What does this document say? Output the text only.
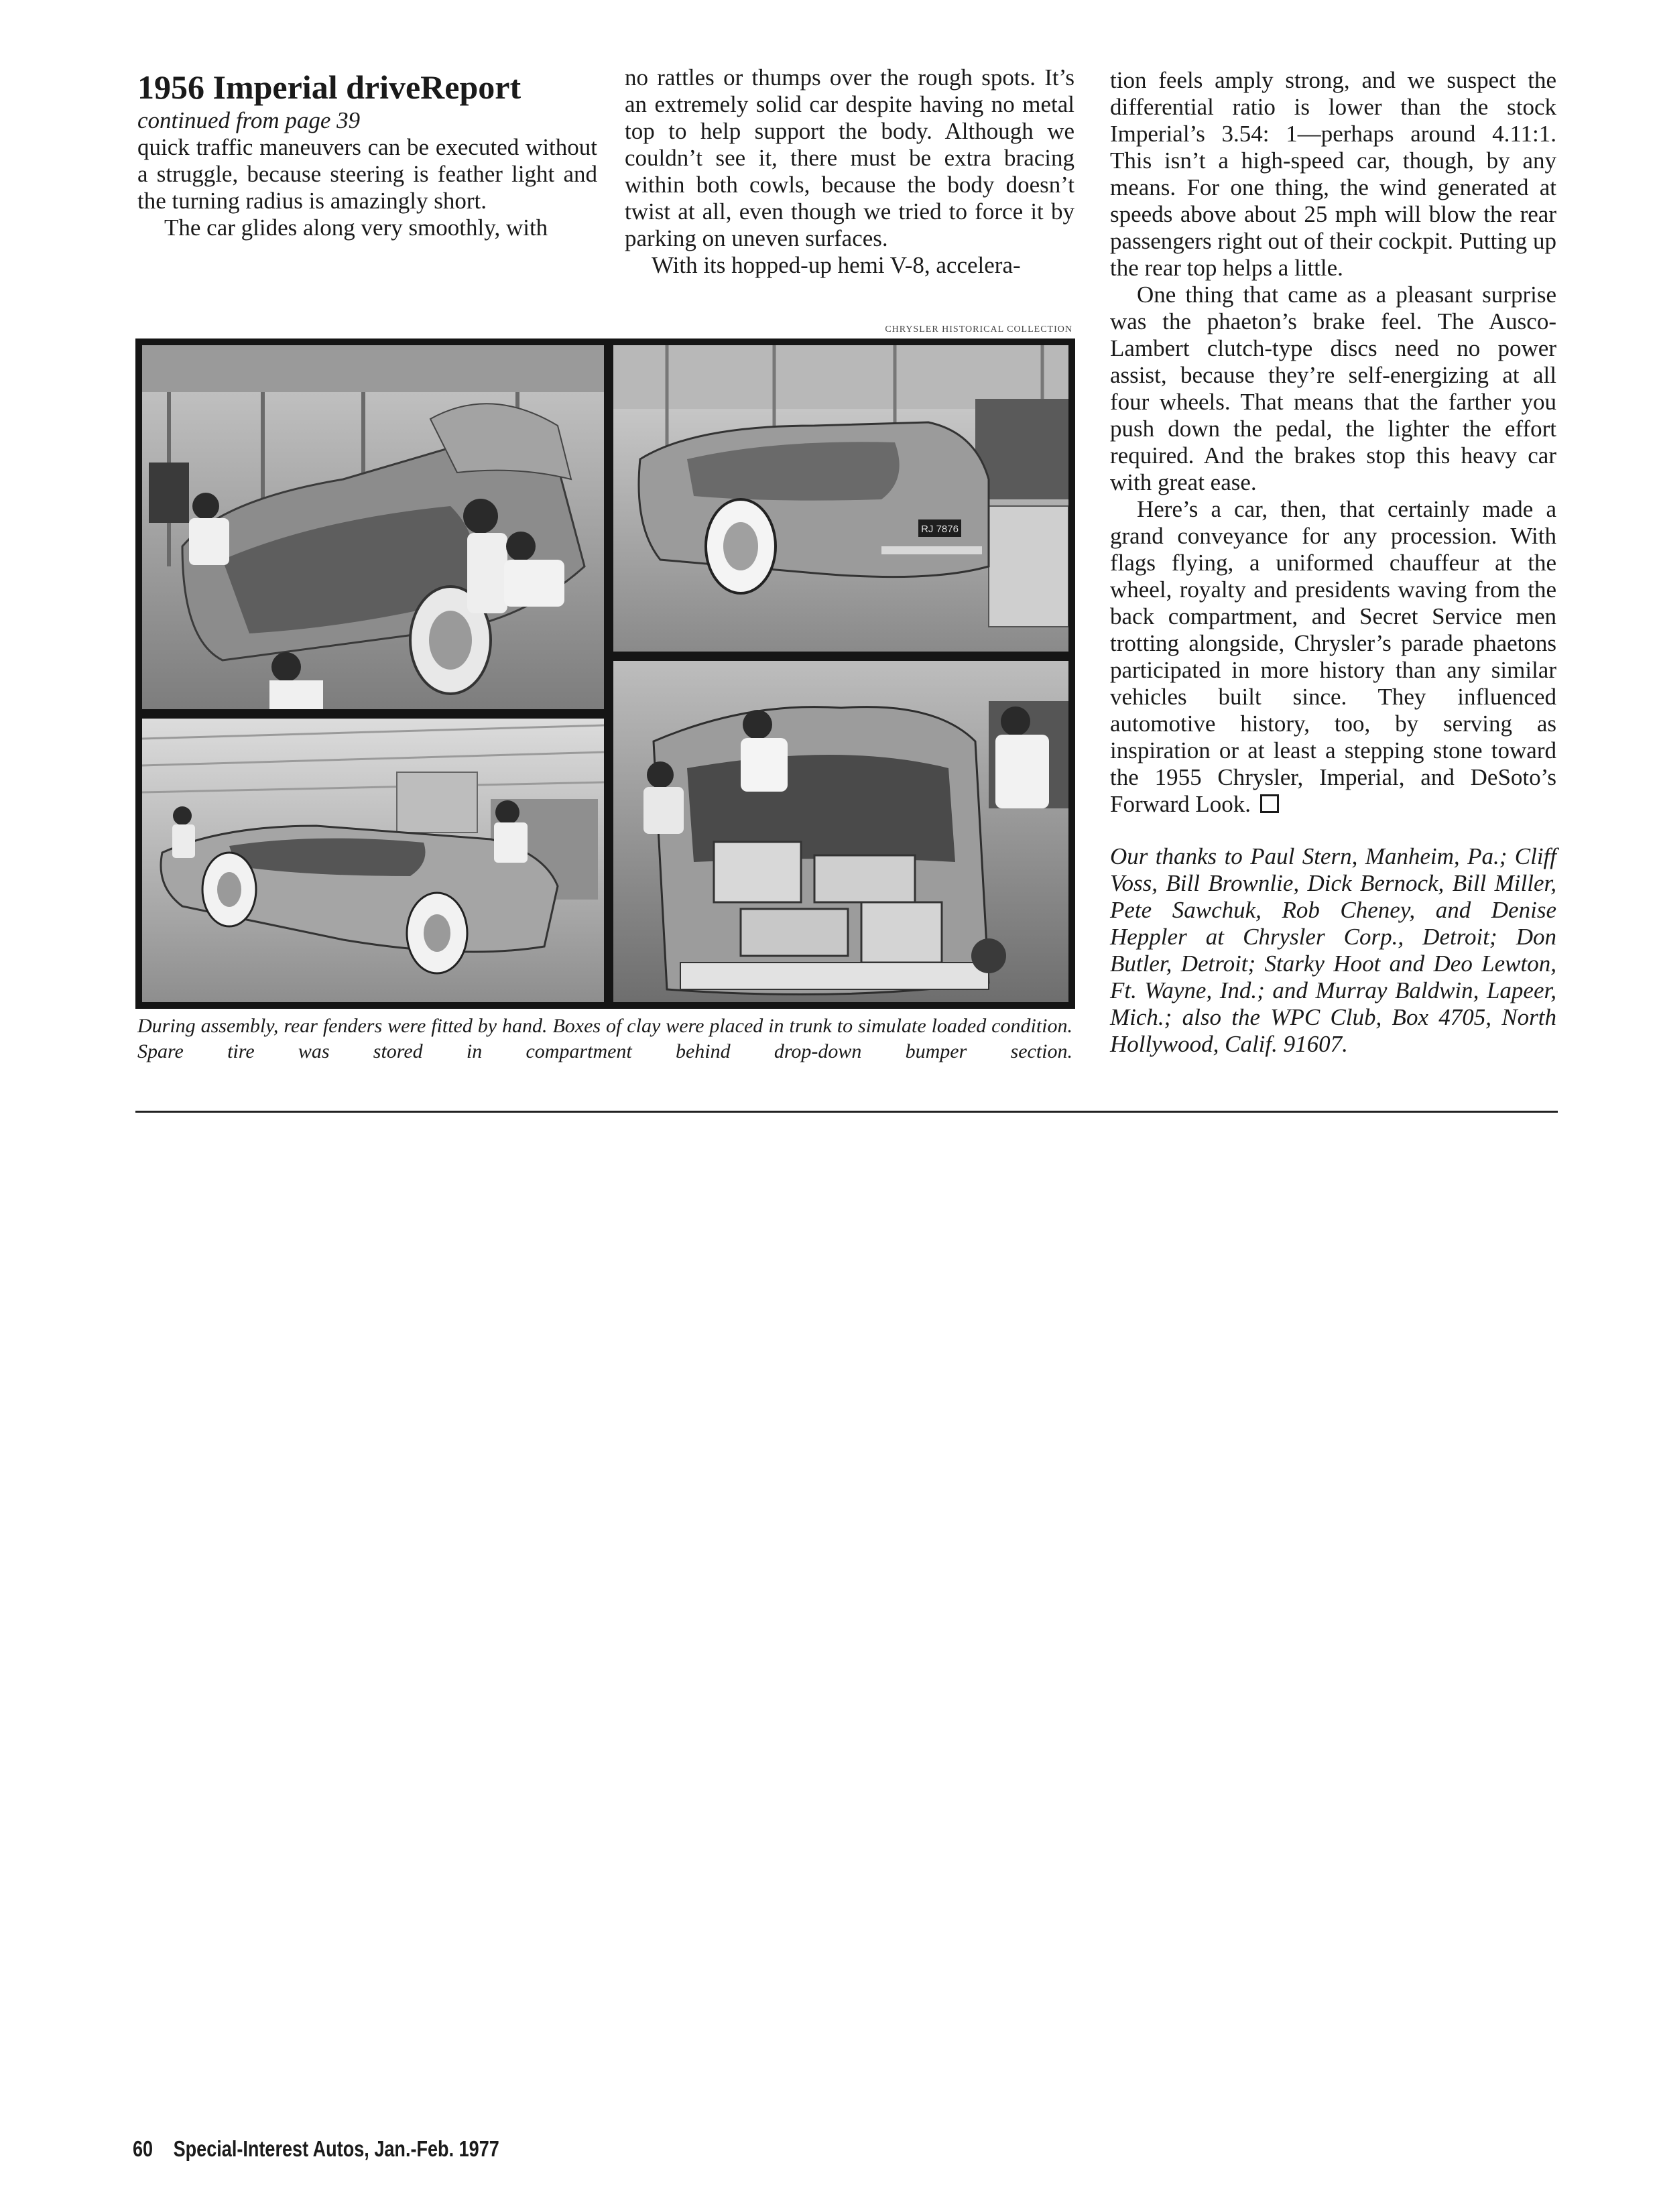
1956 Imperial driveReport

continued from page 39

quick traffic maneuvers can be executed without a struggle, because steering is feather light and the turning radius is amazingly short.

The car glides along very smoothly, with

no rattles or thumps over the rough spots. It’s an extremely solid car despite having no metal top to help support the body. Although we couldn’t see it, there must be extra bracing within both cowls, because the body doesn’t twist at all, even though we tried to force it by parking on uneven surfaces.

With its hopped-up hemi V-8, accelera-

CHRYSLER HISTORICAL COLLECTION
RJ 7876

During assembly, rear fenders were fitted by hand. Boxes of clay were placed in trunk to simulate loaded condition. Spare tire was stored in compartment behind drop-down bumper section.

tion feels amply strong, and we suspect the differential ratio is lower than the stock Imperial’s 3.54: 1—perhaps around 4.11:1. This isn’t a high-speed car, though, by any means. For one thing, the wind generated at speeds above about 25 mph will blow the rear passengers right out of their cockpit. Putting up the rear top helps a little.

One thing that came as a pleasant surprise was the phaeton’s brake feel. The Ausco-Lambert clutch-type discs need no power assist, because they’re self-energizing at all four wheels. That means that the farther you push down the pedal, the lighter the effort required. And the brakes stop this heavy car with great ease.

Here’s a car, then, that certainly made a grand conveyance for any procession. With flags flying, a uniformed chauffeur at the wheel, royalty and presidents waving from the back compartment, and Secret Service men trotting alongside, Chrysler’s parade phaetons participated in more history than any similar vehicles built since. They influenced automotive history, too, by serving as inspiration or at least a stepping stone toward the 1955 Chrysler, Imperial, and DeSoto’s Forward Look.

Our thanks to Paul Stern, Manheim, Pa.; Cliff Voss, Bill Brownlie, Dick Bernock, Bill Miller, Pete Sawchuk, Rob Cheney, and Denise Heppler at Chrysler Corp., Detroit; Don Butler, Detroit; Starky Hoot and Deo Lewton, Ft. Wayne, Ind.; and Murray Baldwin, Lapeer, Mich.; also the WPC Club, Box 4705, North Hollywood, Calif. 91607.

60 Special-Interest Autos, Jan.-Feb. 1977
